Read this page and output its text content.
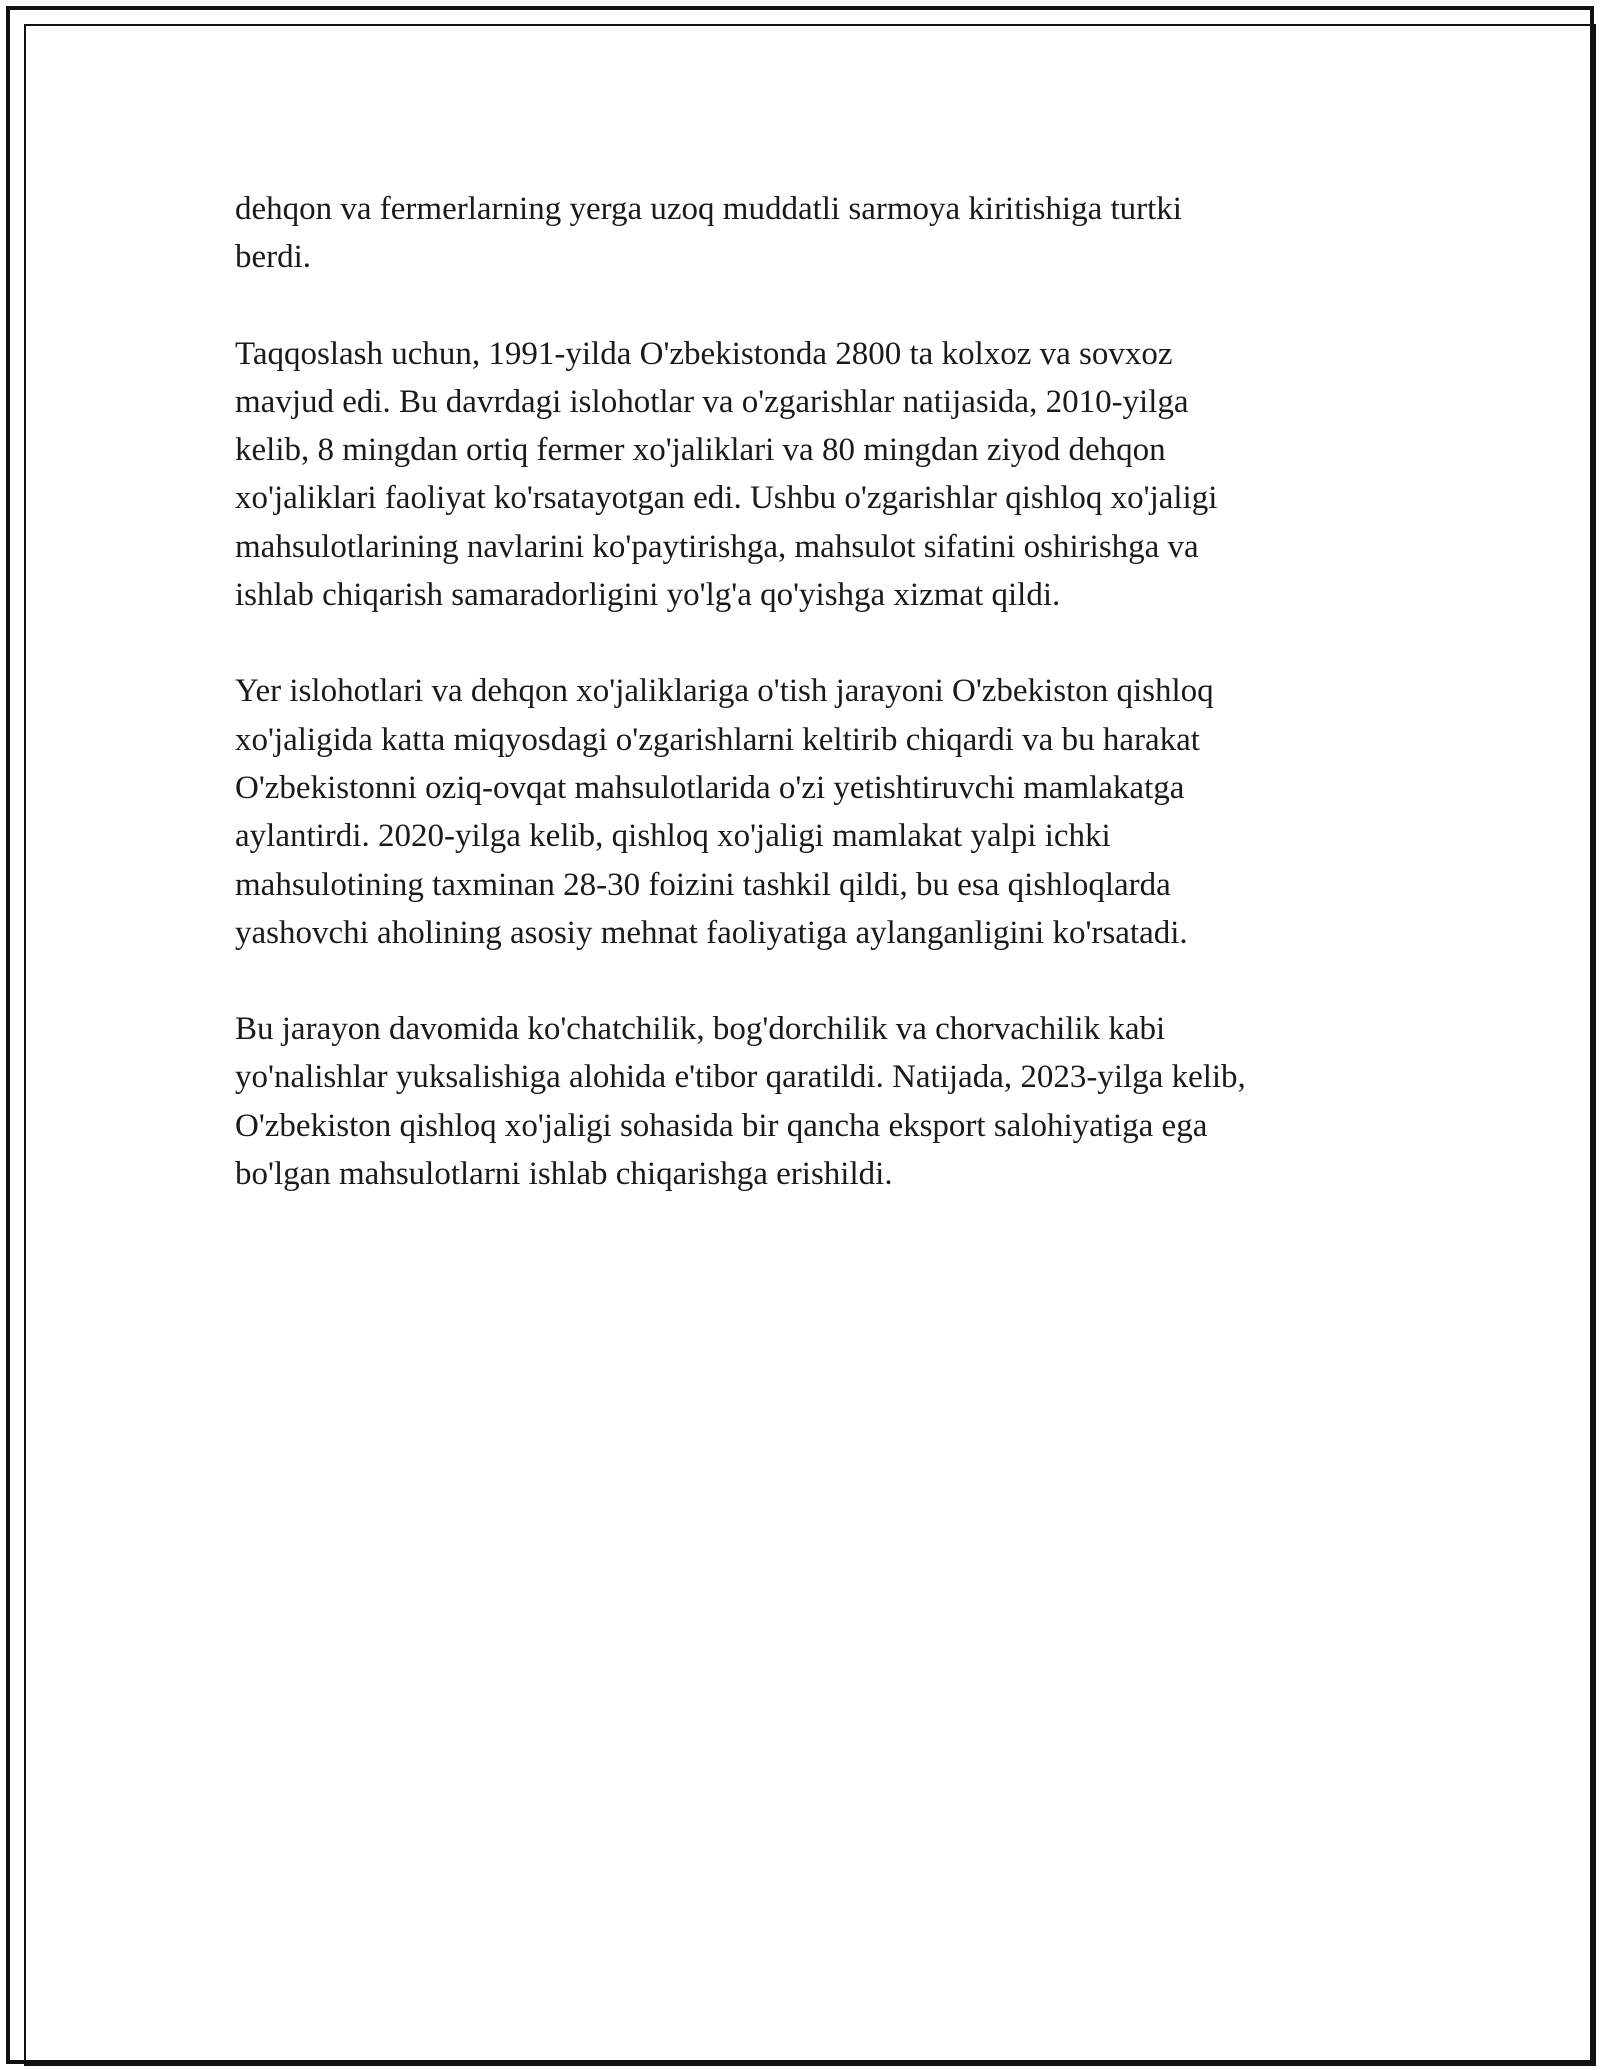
dehqon va fermerlarning yerga uzoq muddatli sarmoya kiritishiga turtki
berdi.

Taqqoslash uchun, 1991-yilda O'zbekistonda 2800 ta kolxoz va sovxoz
mavjud edi. Bu davrdagi islohotlar va o'zgarishlar natijasida, 2010-yilga
kelib, 8 mingdan ortiq fermer xo'jaliklari va 80 mingdan ziyod dehqon
xo'jaliklari faoliyat ko'rsatayotgan edi. Ushbu o'zgarishlar qishloq xo'jaligi
mahsulotlarining navlarini ko'paytirishga, mahsulot sifatini oshirishga va
ishlab chiqarish samaradorligini yo'lg'a qo'yishga xizmat qildi.

Yer islohotlari va dehqon xo'jaliklariga o'tish jarayoni O'zbekiston qishloq
xo'jaligida katta miqyosdagi o'zgarishlarni keltirib chiqardi va bu harakat
O'zbekistonni oziq-ovqat mahsulotlarida o'zi yetishtiruvchi mamlakatga
aylantirdi. 2020-yilga kelib, qishloq xo'jaligi mamlakat yalpi ichki
mahsulotining taxminan 28-30 foizini tashkil qildi, bu esa qishloqlarda
yashovchi aholining asosiy mehnat faoliyatiga aylanganligini ko'rsatadi.

Bu jarayon davomida ko'chatchilik, bog'dorchilik va chorvachilik kabi
yo'nalishlar yuksalishiga alohida e'tibor qaratildi. Natijada, 2023-yilga kelib,
O'zbekiston qishloq xo'jaligi sohasida bir qancha eksport salohiyatiga ega
bo'lgan mahsulotlarni ishlab chiqarishga erishildi.
